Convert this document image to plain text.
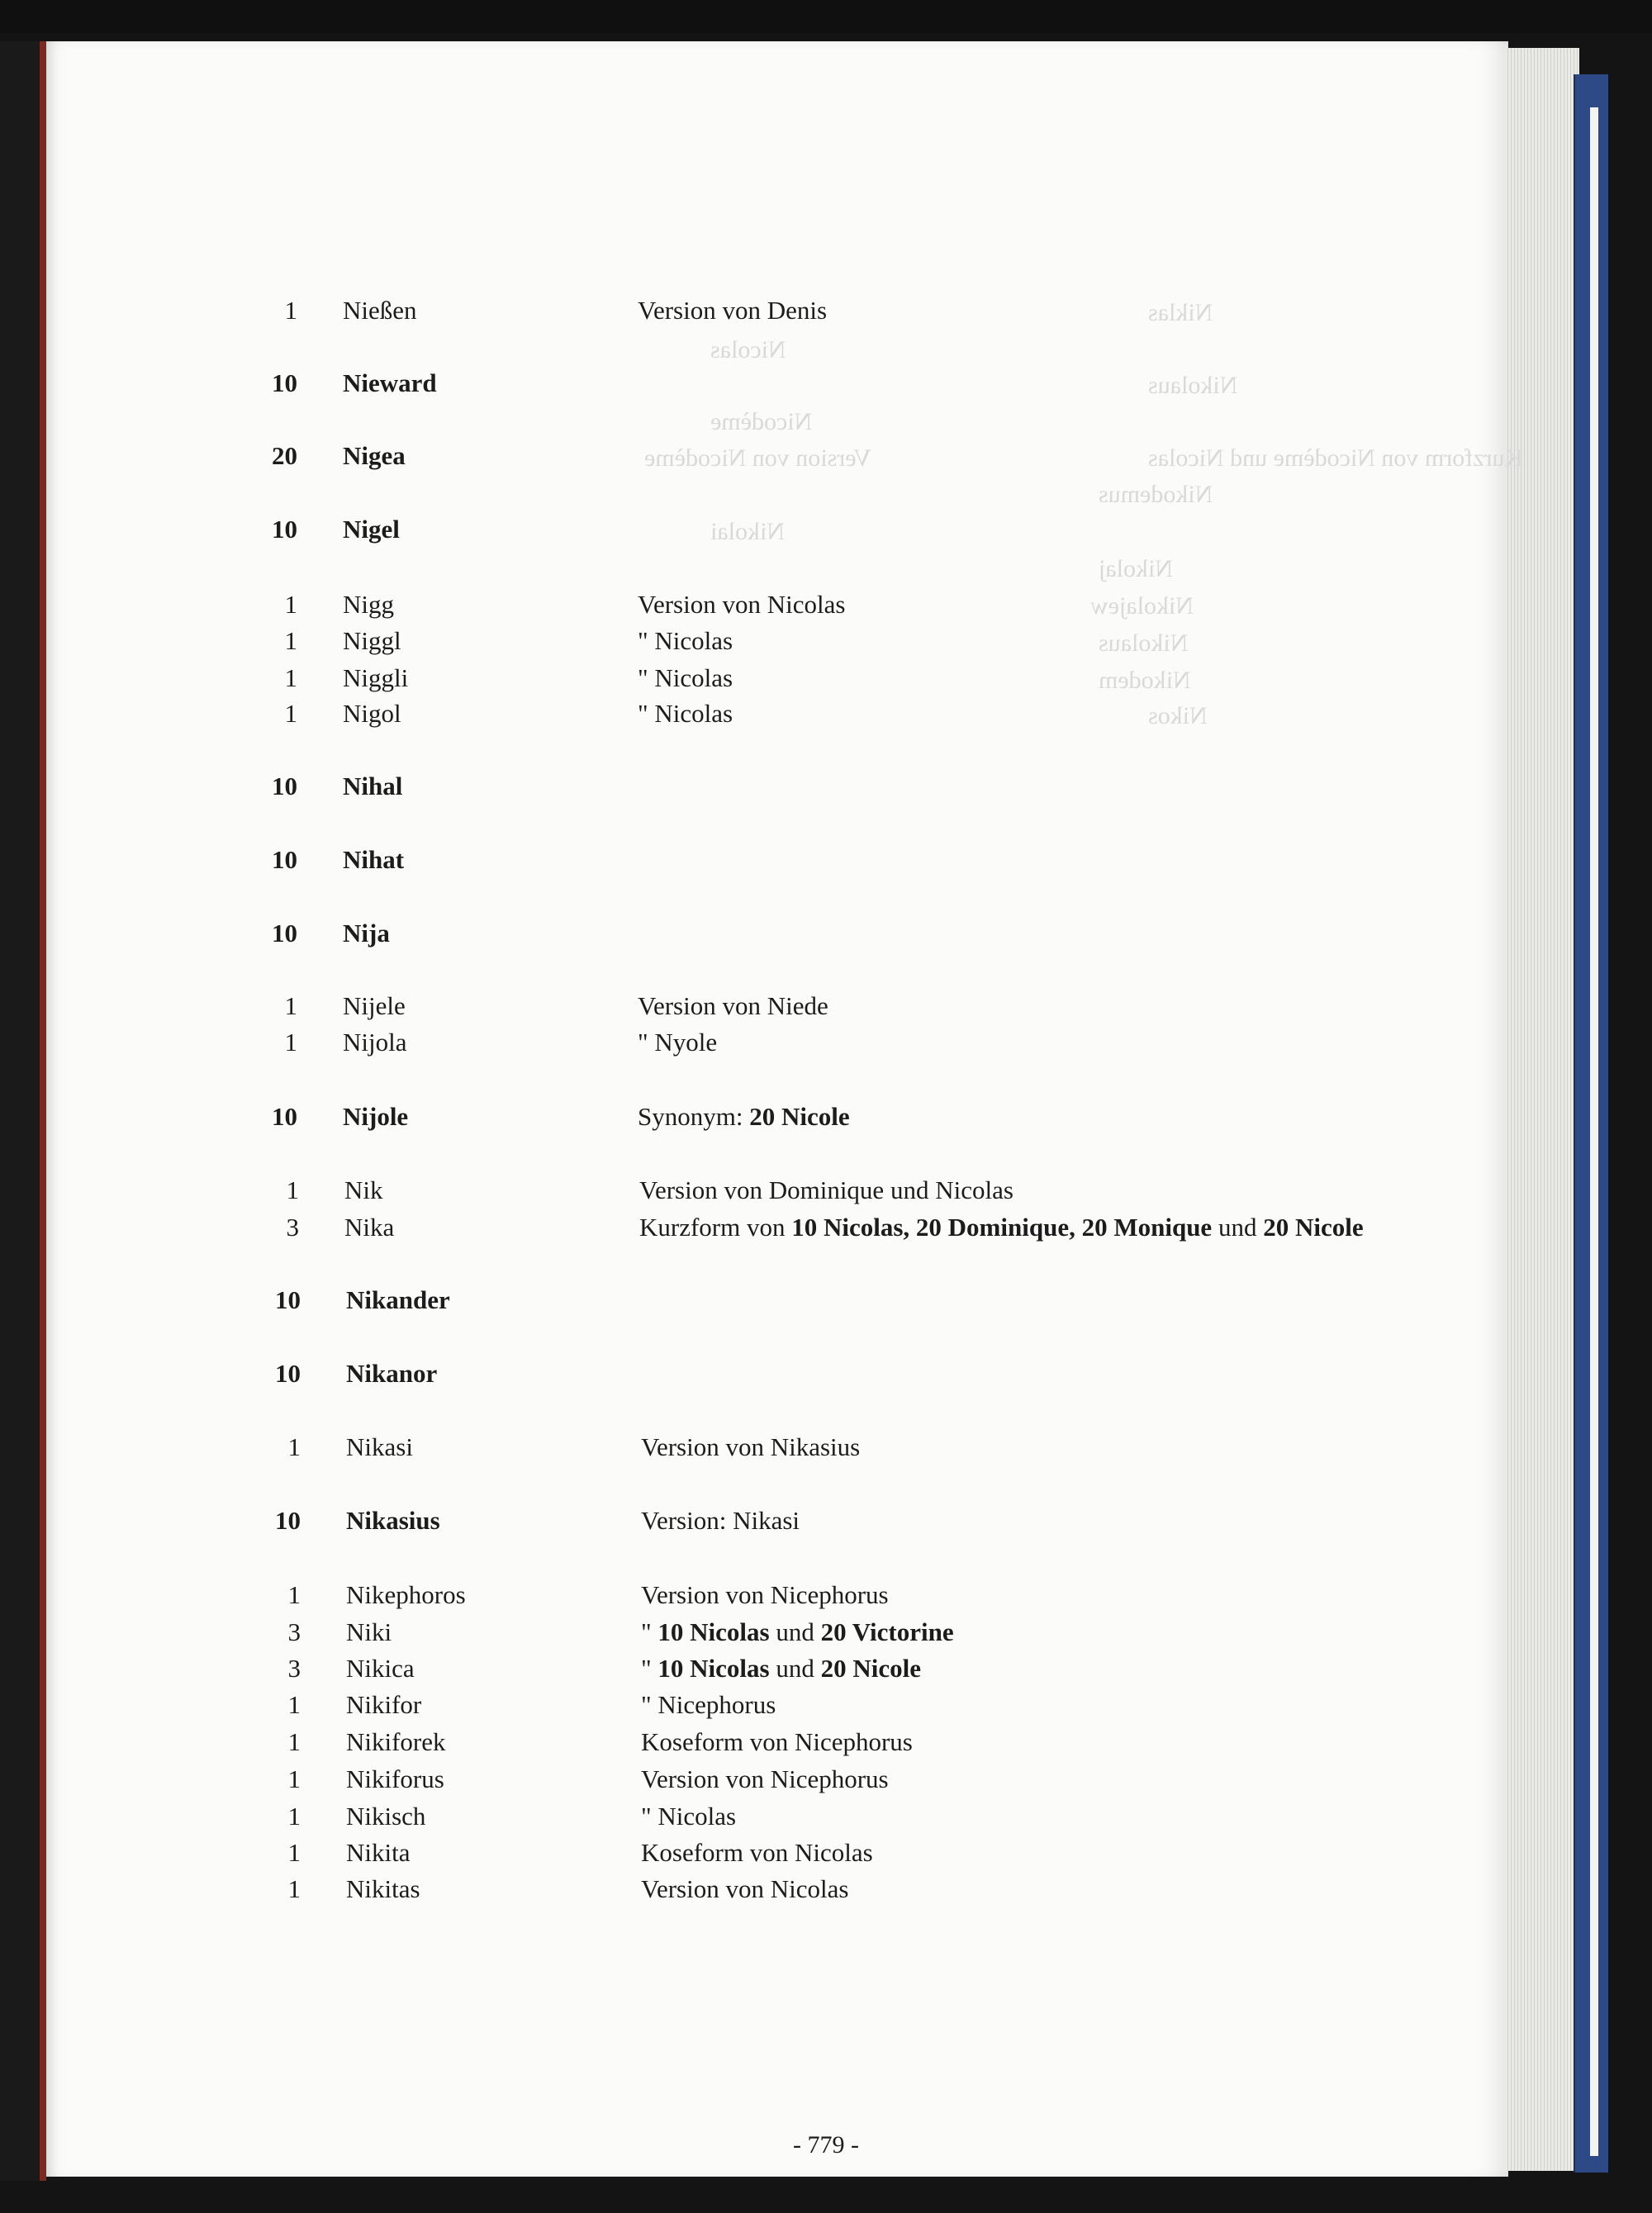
Niklas
Nicolas
Nikolaus
Nicodème
Kurzform von Nicodème und Nicolas
Version von Nicodème
Nikodemus
Nikolai
Nikolaj
Nikolajew
Nikolaus
Nikodem
Nikos
1 Nießen	Version von Denis
10 Nieward
20 Nigea
10 Nigel
1 Nigg	Version von Nicolas
1 Niggl	" Nicolas
1 Niggli	" Nicolas
1 Nigol	" Nicolas
10 Nihal
10 Nihat
10 Nija
1 Nijele	Version von Niede
1 Nijola	" Nyole
10 Nijole	Synonym: 20 Nicole
1 Nik	Version von Dominique und Nicolas
3 Nika	Kurzform von 10 Nicolas, 20 Dominique, 20 Monique und 20 Nicole
10 Nikander
10 Nikanor
1 Nikasi	Version von Nikasius
10 Nikasius	Version: Nikasi
1 Nikephoros	Version von Nicephorus
3 Niki	" 10 Nicolas und 20 Victorine
3 Nikica	" 10 Nicolas und 20 Nicole
1 Nikifor	" Nicephorus
1 Nikiforek	Koseform von Nicephorus
1 Nikiforus	Version von Nicephorus
1 Nikisch	" Nicolas
1 Nikita	Koseform von Nicolas
1 Nikitas	Version von Nicolas
- 779 -
